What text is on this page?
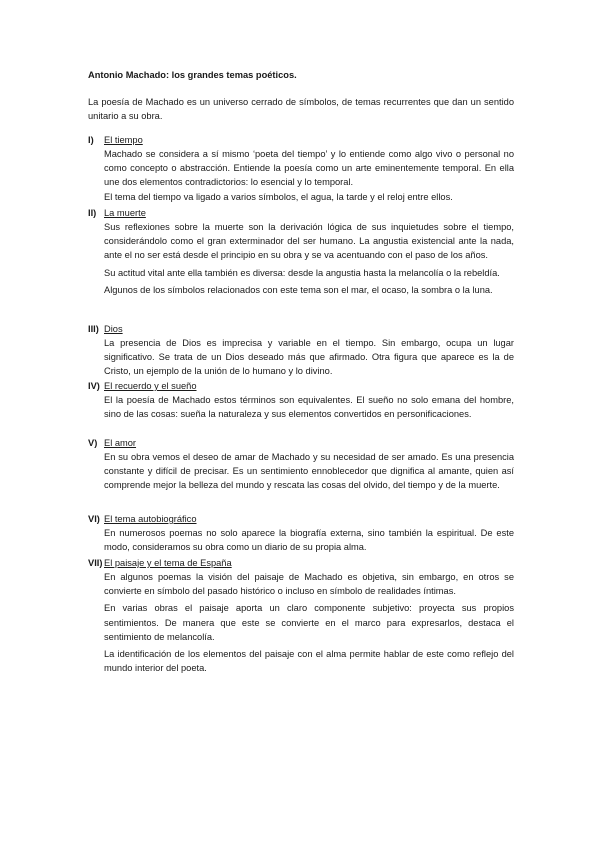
Antonio Machado: los grandes temas poéticos.
La poesía de Machado es un universo cerrado de símbolos, de temas recurrentes que dan un sentido unitario a su obra.
I) El tiempo
Machado se considera a sí mismo ‘poeta del tiempo’ y lo entiende como algo vivo o personal no como concepto o abstracción. Entiende la poesía como un arte eminentemente temporal. En ella une dos elementos contradictorios: lo esencial y lo temporal.
El tema del tiempo va ligado a varios símbolos, el agua, la tarde y el reloj entre ellos.
II) La muerte
Sus reflexiones sobre la muerte son la derivación lógica de sus inquietudes sobre el tiempo, considerándolo como el gran exterminador del ser humano. La angustia existencial ante la nada, ante el no ser está desde el principio en su obra y se va acentuando con el paso de los años.
Su actitud vital ante ella también es diversa: desde la angustia hasta la melancolía o la rebeldía.
Algunos de los símbolos relacionados con este tema son el mar, el ocaso, la sombra o la luna.
III) Dios
La presencia de Dios es imprecisa y variable en el tiempo. Sin embargo, ocupa un lugar significativo. Se trata de un Dios deseado más que afirmado. Otra figura que aparece es la de Cristo, un ejemplo de la unión de lo humano y lo divino.
IV) El recuerdo y el sueño
El la poesía de Machado estos términos son equivalentes. El sueño no solo emana del hombre, sino de las cosas: sueña la naturaleza y sus elementos convertidos en personificaciones.
V) El amor
En su obra vemos el deseo de amar de Machado y su necesidad de ser amado. Es una presencia constante y difícil de precisar. Es un sentimiento ennoblecedor que dignifica al amante, quien así comprende mejor la belleza del mundo y rescata las cosas del olvido, del tiempo y de la muerte.
VI) El tema autobiográfico
En numerosos poemas no solo aparece la biografía externa, sino también la espiritual. De este modo, consideramos su obra como un diario de su propia alma.
VII) El paisaje y el tema de España
En algunos poemas la visión del paisaje de Machado es objetiva, sin embargo, en otros se convierte en símbolo del pasado histórico o incluso en símbolo de realidades íntimas.
En varias obras el paisaje aporta un claro componente subjetivo: proyecta sus propios sentimientos. De manera que este se convierte en el marco para expresarlos, destaca el sentimiento de melancolía.
La identificación de los elementos del paisaje con el alma permite hablar de este como reflejo del mundo interior del poeta.
